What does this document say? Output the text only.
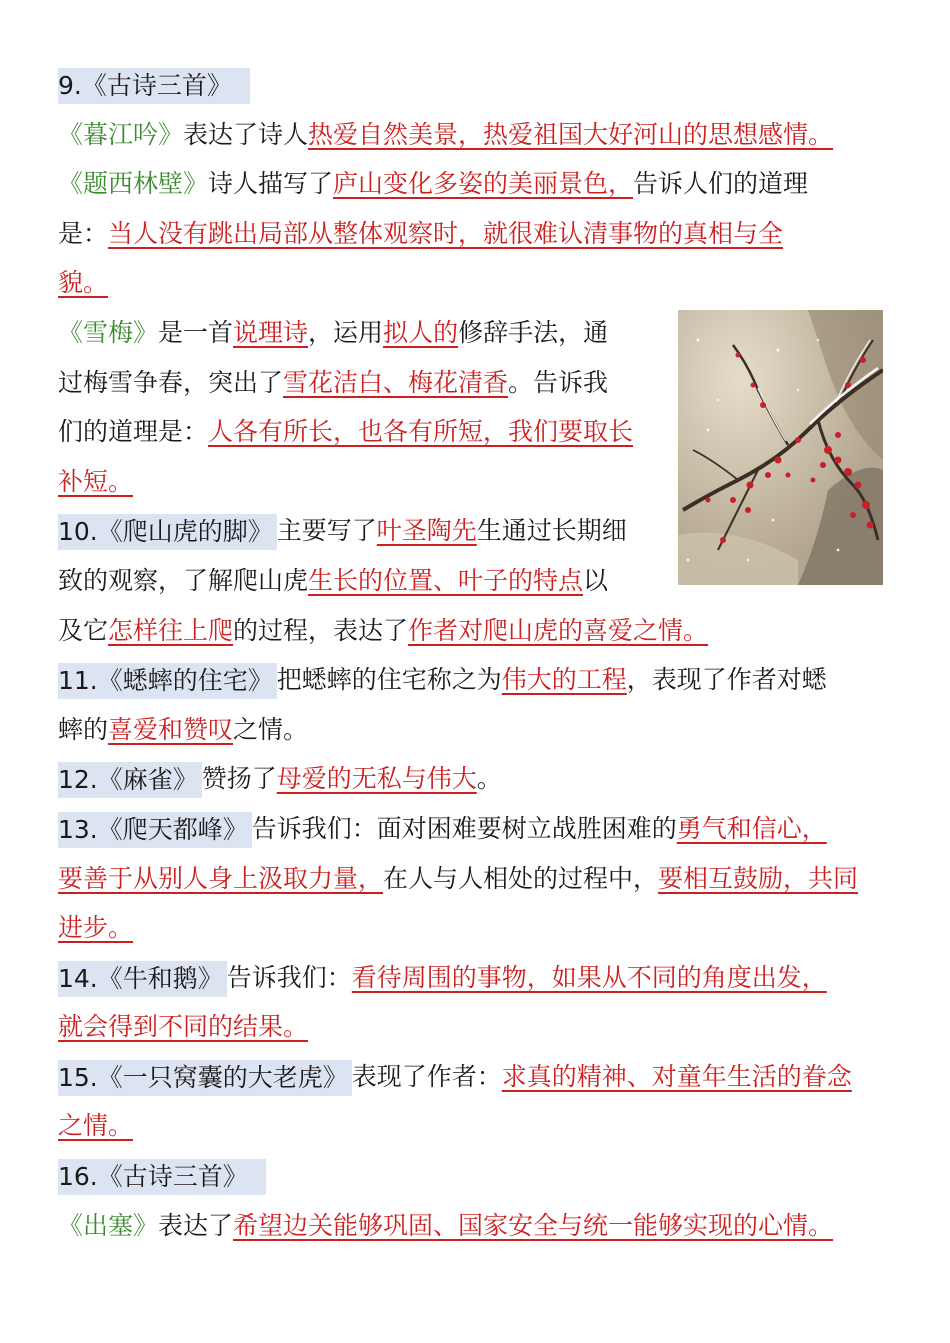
9.《古诗三首》
《暮江吟》表达了诗人热爱自然美景，热爱祖国大好河山的思想感情。
《题西林壁》诗人描写了庐山变化多姿的美丽景色，告诉人们的道理
是：当人没有跳出局部从整体观察时，就很难认清事物的真相与全
貌。
《雪梅》是一首说理诗，运用拟人的修辞手法，通
过梅雪争春，突出了雪花洁白、梅花清香。告诉我
们的道理是：人各有所长，也各有所短，我们要取长
补短。
10.《爬山虎的脚》 主要写了叶圣陶先生通过长期细
致的观察，了解爬山虎生长的位置、叶子的特点以
及它怎样往上爬的过程，表达了作者对爬山虎的喜爱之情。
11.《蟋蟀的住宅》 把蟋蟀的住宅称之为伟大的工程，表现了作者对蟋
蟀的喜爱和赞叹之情。
12.《麻雀》 赞扬了母爱的无私与伟大。
13.《爬天都峰》 告诉我们：面对困难要树立战胜困难的勇气和信心，
要善于从别人身上汲取力量，在人与人相处的过程中，要相互鼓励，共同
进步。
14.《牛和鹅》 告诉我们：看待周围的事物，如果从不同的角度出发，
就会得到不同的结果。
15.《一只窝囊的大老虎》 表现了作者：求真的精神、对童年生活的眷念
之情。
16.《古诗三首》
《出塞》表达了希望边关能够巩固、国家安全与统一能够实现的心情。
